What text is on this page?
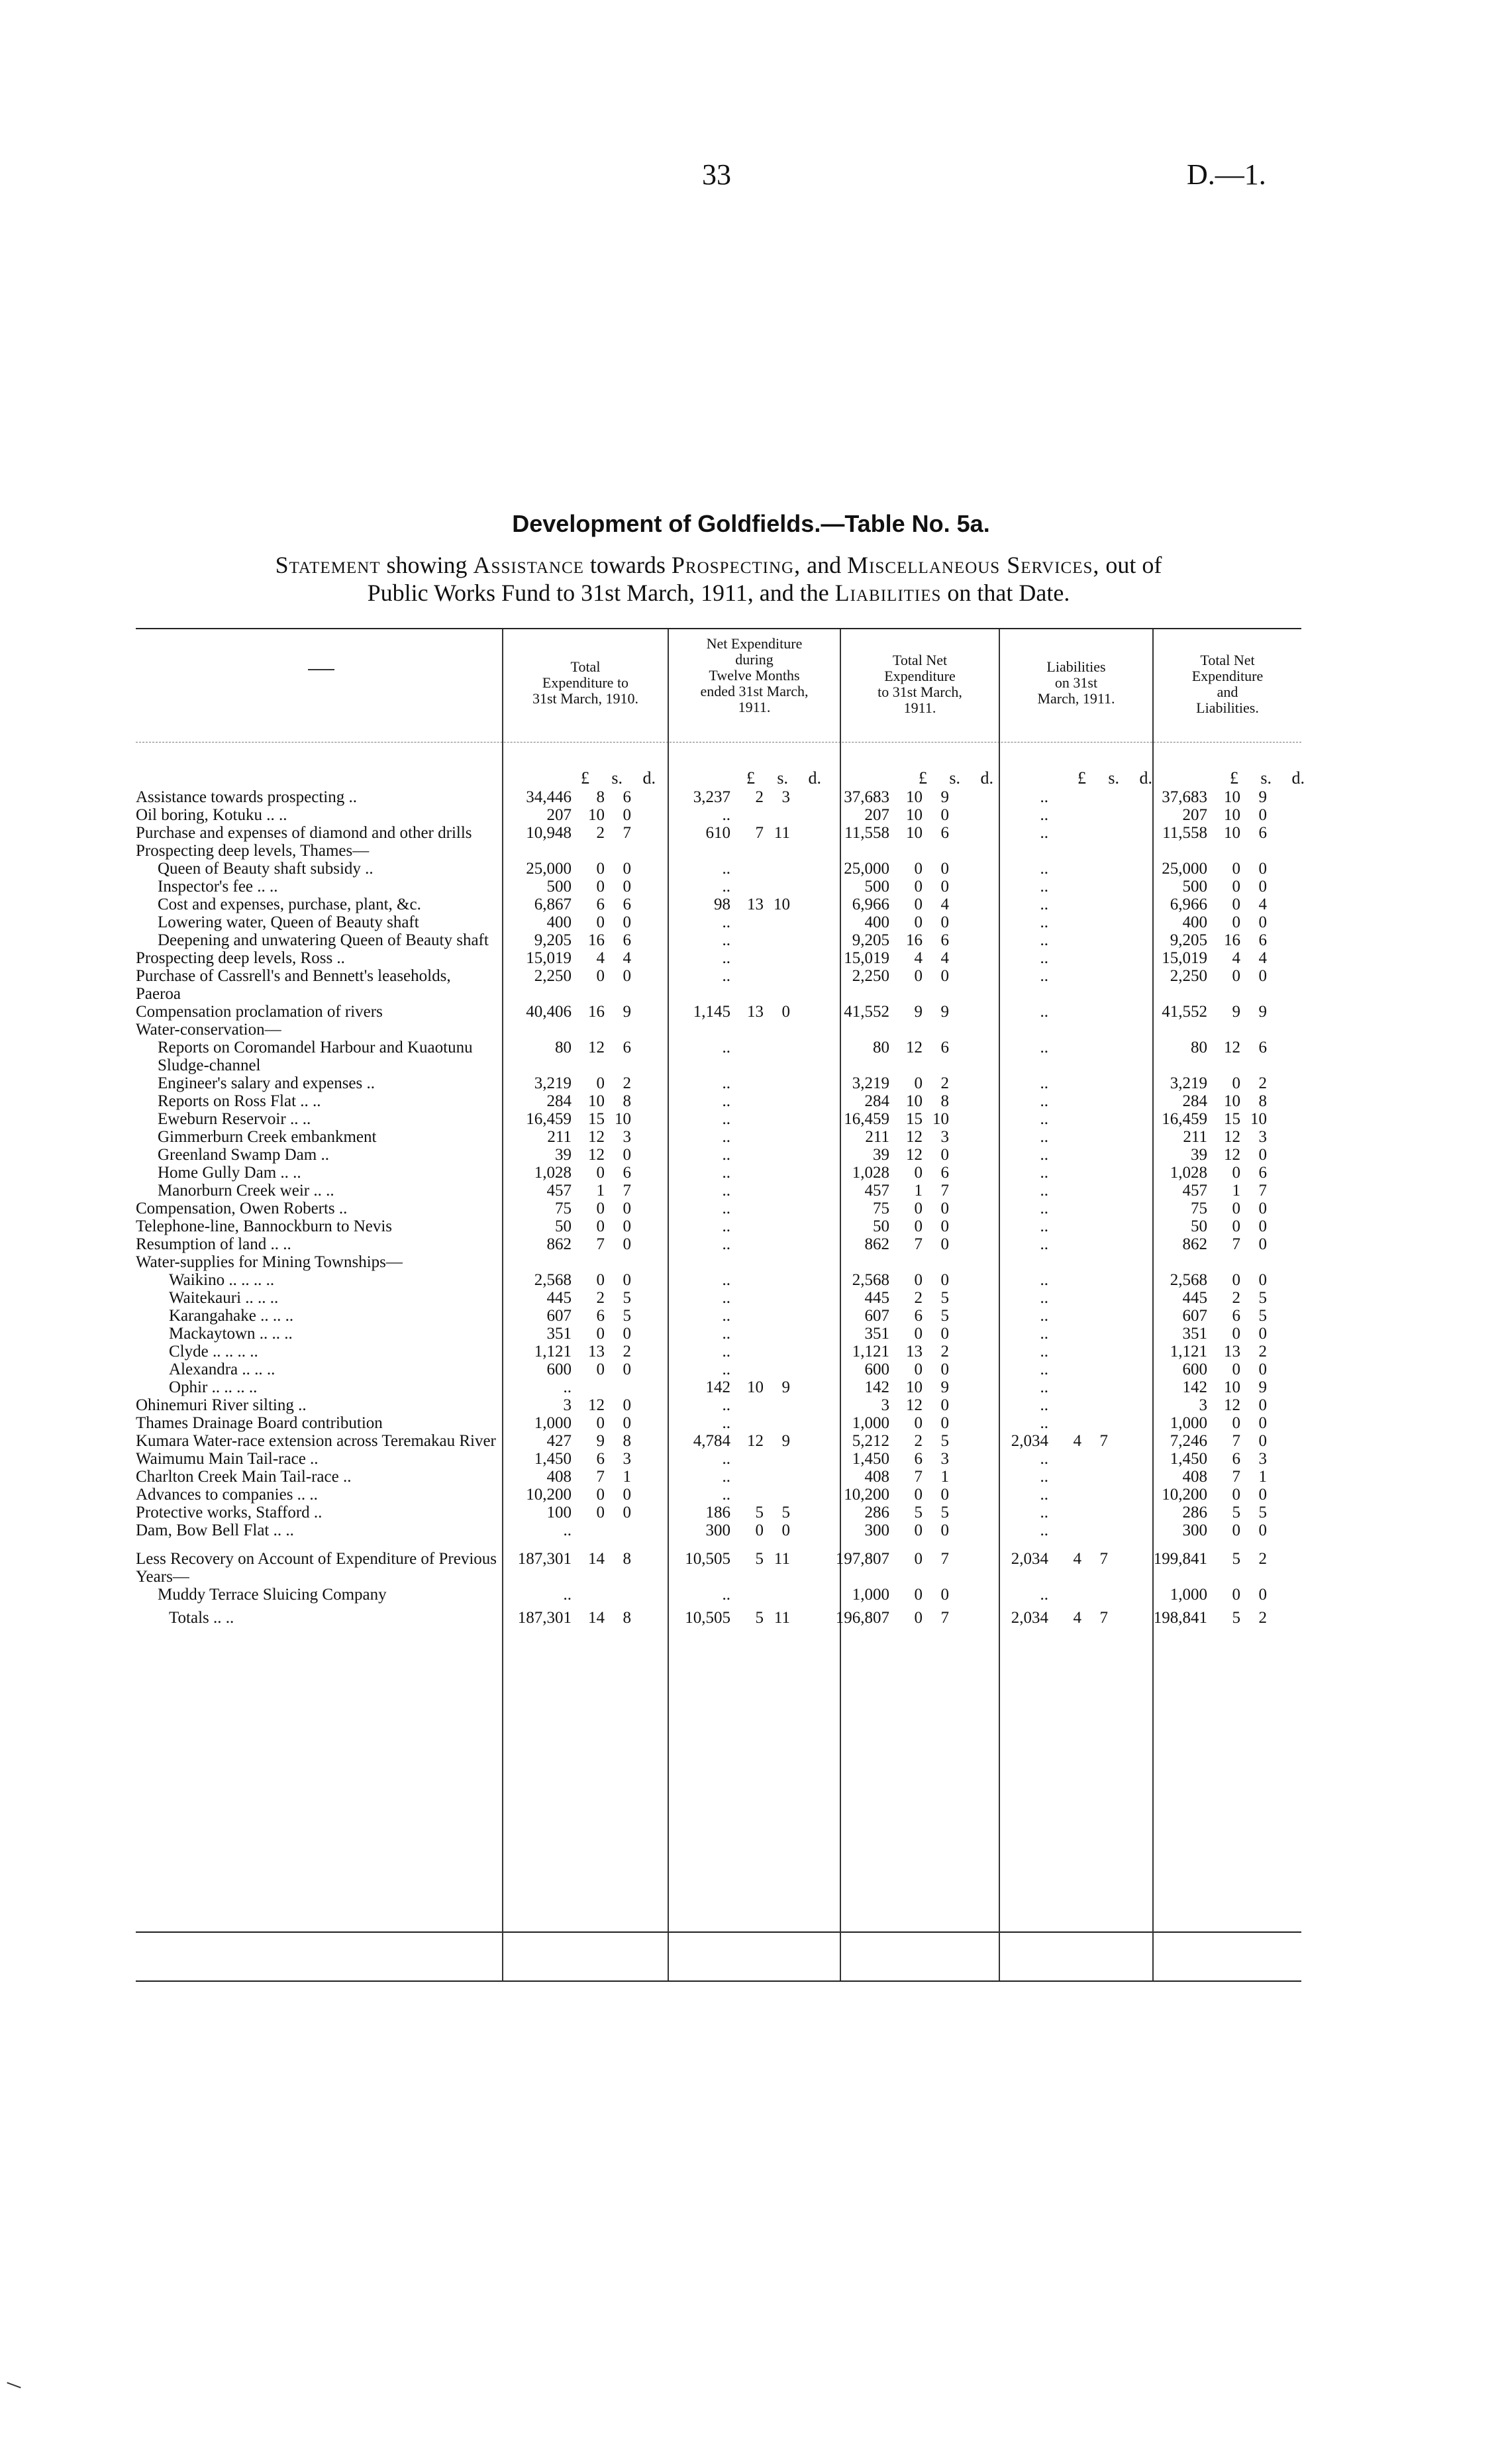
33	D.—1.
Development of Goldfields.—Table No. 5a.
Statement showing Assistance towards Prospecting, and Miscellaneous Services, out of
Public Works Fund to 31st March, 1911, and the Liabilities on that Date.
Total
Expenditure to
31st March, 1910.
Net Expenditure
during
Twelve Months
ended 31st March,
1911.
Total Net
Expenditure
to 31st March,
1911.
Liabilities
on 31st
March, 1911.
Total Net
Expenditure
and
Liabilities.
£ s. d.	£ s. d.	£ s. d.	£ s. d.	£ s. d.
Assistance towards prospecting ..	34,446 8 6	3,237 2 3	37,683 10 9	..	37,683 10 9
Oil boring, Kotuku .. ..	207 10 0	..	207 10 0	..	207 10 0
Purchase and expenses of diamond and other drills	10,948 2 7	610 7 11	11,558 10 6	..	11,558 10 6
Prospecting deep levels, Thames—					
Queen of Beauty shaft subsidy ..	25,000 0 0	..	25,000 0 0	..	25,000 0 0
Inspector's fee .. ..	500 0 0	..	500 0 0	..	500 0 0
Cost and expenses, purchase, plant, &c.	6,867 6 6	98 13 10	6,966 0 4	..	6,966 0 4
Lowering water, Queen of Beauty shaft	400 0 0	..	400 0 0	..	400 0 0
Deepening and unwatering Queen of Beauty shaft	9,205 16 6	..	9,205 16 6	..	9,205 16 6
Prospecting deep levels, Ross ..	15,019 4 4	..	15,019 4 4	..	15,019 4 4
Purchase of Cassrell's and Bennett's leaseholds, Paeroa	2,250 0 0	..	2,250 0 0	..	2,250 0 0
Compensation proclamation of rivers	40,406 16 9	1,145 13 0	41,552 9 9	..	41,552 9 9
Water-conservation—					
Reports on Coromandel Harbour and Kuaotunu Sludge-channel	80 12 6	..	80 12 6	..	80 12 6
Engineer's salary and expenses ..	3,219 0 2	..	3,219 0 2	..	3,219 0 2
Reports on Ross Flat .. ..	284 10 8	..	284 10 8	..	284 10 8
Eweburn Reservoir .. ..	16,459 15 10	..	16,459 15 10	..	16,459 15 10
Gimmerburn Creek embankment	211 12 3	..	211 12 3	..	211 12 3
Greenland Swamp Dam ..	39 12 0	..	39 12 0	..	39 12 0
Home Gully Dam .. ..	1,028 0 6	..	1,028 0 6	..	1,028 0 6
Manorburn Creek weir .. ..	457 1 7	..	457 1 7	..	457 1 7
Compensation, Owen Roberts ..	75 0 0	..	75 0 0	..	75 0 0
Telephone-line, Bannockburn to Nevis	50 0 0	..	50 0 0	..	50 0 0
Resumption of land .. ..	862 7 0	..	862 7 0	..	862 7 0
Water-supplies for Mining Townships—					
Waikino .. .. .. ..	2,568 0 0	..	2,568 0 0	..	2,568 0 0
Waitekauri .. .. ..	445 2 5	..	445 2 5	..	445 2 5
Karangahake .. .. ..	607 6 5	..	607 6 5	..	607 6 5
Mackaytown .. .. ..	351 0 0	..	351 0 0	..	351 0 0
Clyde .. .. .. ..	1,121 13 2	..	1,121 13 2	..	1,121 13 2
Alexandra .. .. ..	600 0 0	..	600 0 0	..	600 0 0
Ophir .. .. .. ..	..	142 10 9	142 10 9	..	142 10 9
Ohinemuri River silting ..	3 12 0	..	3 12 0	..	3 12 0
Thames Drainage Board contribution	1,000 0 0	..	1,000 0 0	..	1,000 0 0
Kumara Water-race extension across Teremakau River	427 9 8	4,784 12 9	5,212 2 5	2,034 4 7	7,246 7 0
Waimumu Main Tail-race ..	1,450 6 3	..	1,450 6 3	..	1,450 6 3
Charlton Creek Main Tail-race ..	408 7 1	..	408 7 1	..	408 7 1
Advances to companies .. ..	10,200 0 0	..	10,200 0 0	..	10,200 0 0
Protective works, Stafford ..	100 0 0	186 5 5	286 5 5	..	286 5 5
Dam, Bow Bell Flat .. ..	..	300 0 0	300 0 0	..	300 0 0

Less Recovery on Account of Expenditure of Previous Years—	187,301 14 8	10,505 5 11	197,807 0 7	2,034 4 7	199,841 5 2
Muddy Terrace Sluicing Company	..	..	1,000 0 0	..	1,000 0 0
Totals .. ..	187,301 14 8	10,505 5 11	196,807 0 7	2,034 4 7	198,841 5 2
